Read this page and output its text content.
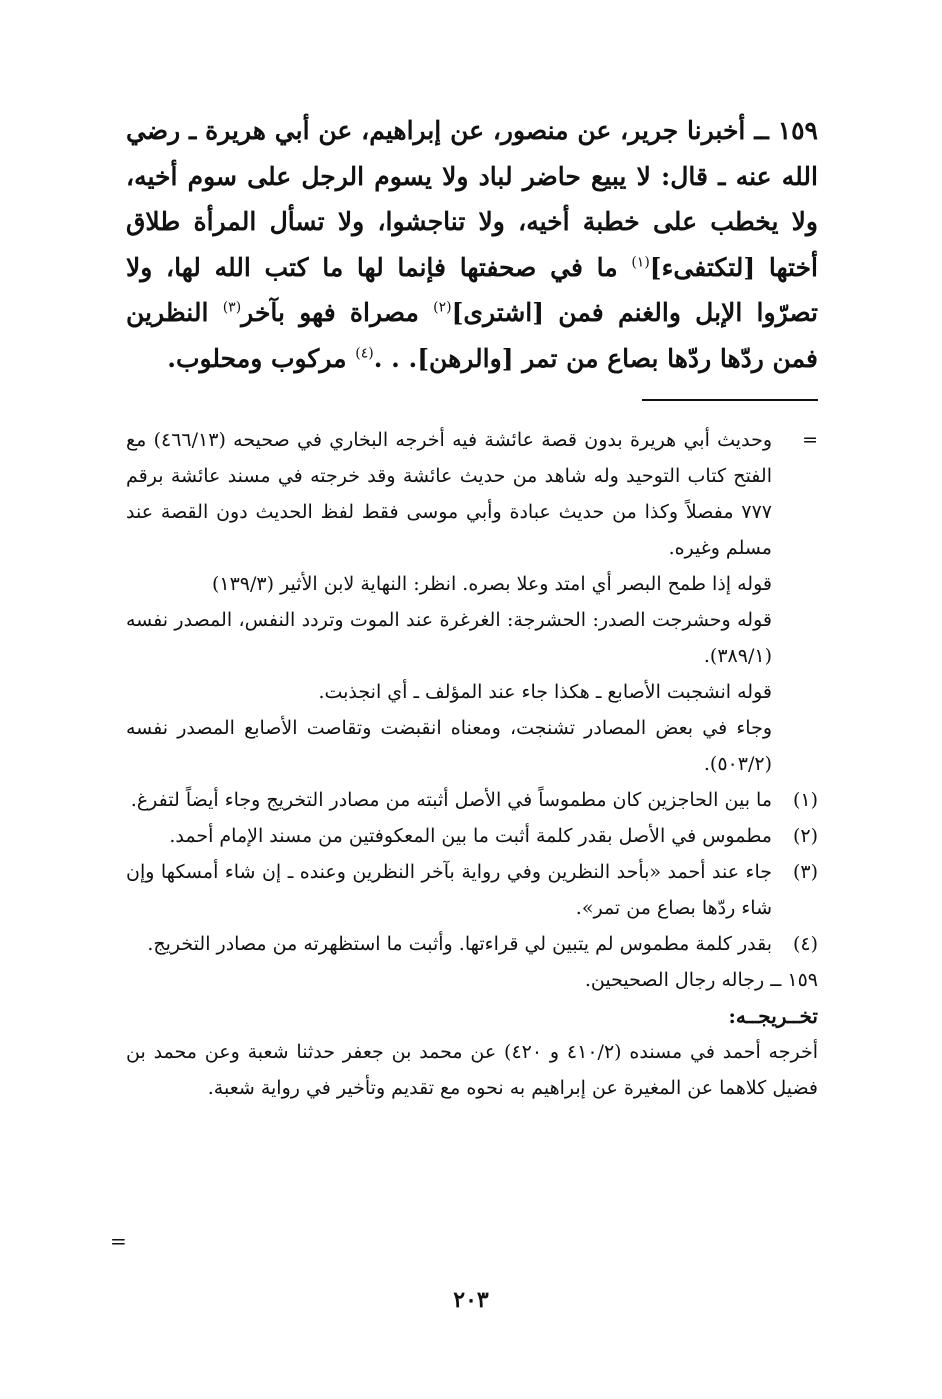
١٥٩ ــ أخبرنا جرير، عن منصور، عن إبراهيم، عن أبي هريرة ـ رضي الله عنه ـ قال: لا يبيع حاضر لباد ولا يسوم الرجل على سوم أخيه، ولا يخطب على خطبة أخيه، ولا تناجشوا، ولا تسأل المرأة طلاق أختها [لتكتفىء]$^{(١)}$ ما في صحفتها فإنما لها ما كتب الله لها، ولا تصرّوا الإبل والغنم فمن [اشترى]$^{(٢)}$ مصراة فهو بآخر$^{(٣)}$ النظرين فمن ردّها ردّها بصاع من تمر [والرهن]. . .$^{(٤)}$ مركوب ومحلوب.
=
وحديث أبي هريرة بدون قصة عائشة فيه أخرجه البخاري في صحيحه (٤٦٦/١٣) مع الفتح كتاب التوحيد وله شاهد من حديث عائشة وقد خرجته في مسند عائشة برقم ٧٧٧ مفصلاً وكذا من حديث عبادة وأبي موسى فقط لفظ الحديث دون القصة عند مسلم وغيره.
قوله إذا طمح البصر أي امتد وعلا بصره. انظر: النهاية لابن الأثير (١٣٩/٣)
قوله وحشرجت الصدر: الحشرجة: الغرغرة عند الموت وتردد النفس، المصدر نفسه (٣٨٩/١).
قوله انشجبت الأصابع ـ هكذا جاء عند المؤلف ـ أي انجذبت.
وجاء في بعض المصادر تشنجت، ومعناه انقبضت وتقاصت الأصابع المصدر نفسه (٥٠٣/٢).
(١)
ما بين الحاجزين كان مطموساً في الأصل أثبته من مصادر التخريج وجاء أيضاً لتفرغ.
(٢)
مطموس في الأصل بقدر كلمة أثبت ما بين المعكوفتين من مسند الإمام أحمد.
(٣)
جاء عند أحمد «بأحد النظرين وفي رواية بآخر النظرين وعنده ـ إن شاء أمسكها وإن شاء ردّها بصاع من تمر».
(٤)
بقدر كلمة مطموس لم يتبين لي قراءتها. وأثبت ما استظهرته من مصادر التخريج.
١٥٩ ــ رجاله رجال الصحيحين.
تخــريجــه:
أخرجه أحمد في مسنده (٤١٠/٢ و ٤٢٠) عن محمد بن جعفر حدثنا شعبة وعن محمد بن فضيل كلاهما عن المغيرة عن إبراهيم به نحوه مع تقديم وتأخير في رواية شعبة.
=
٢٠٣
